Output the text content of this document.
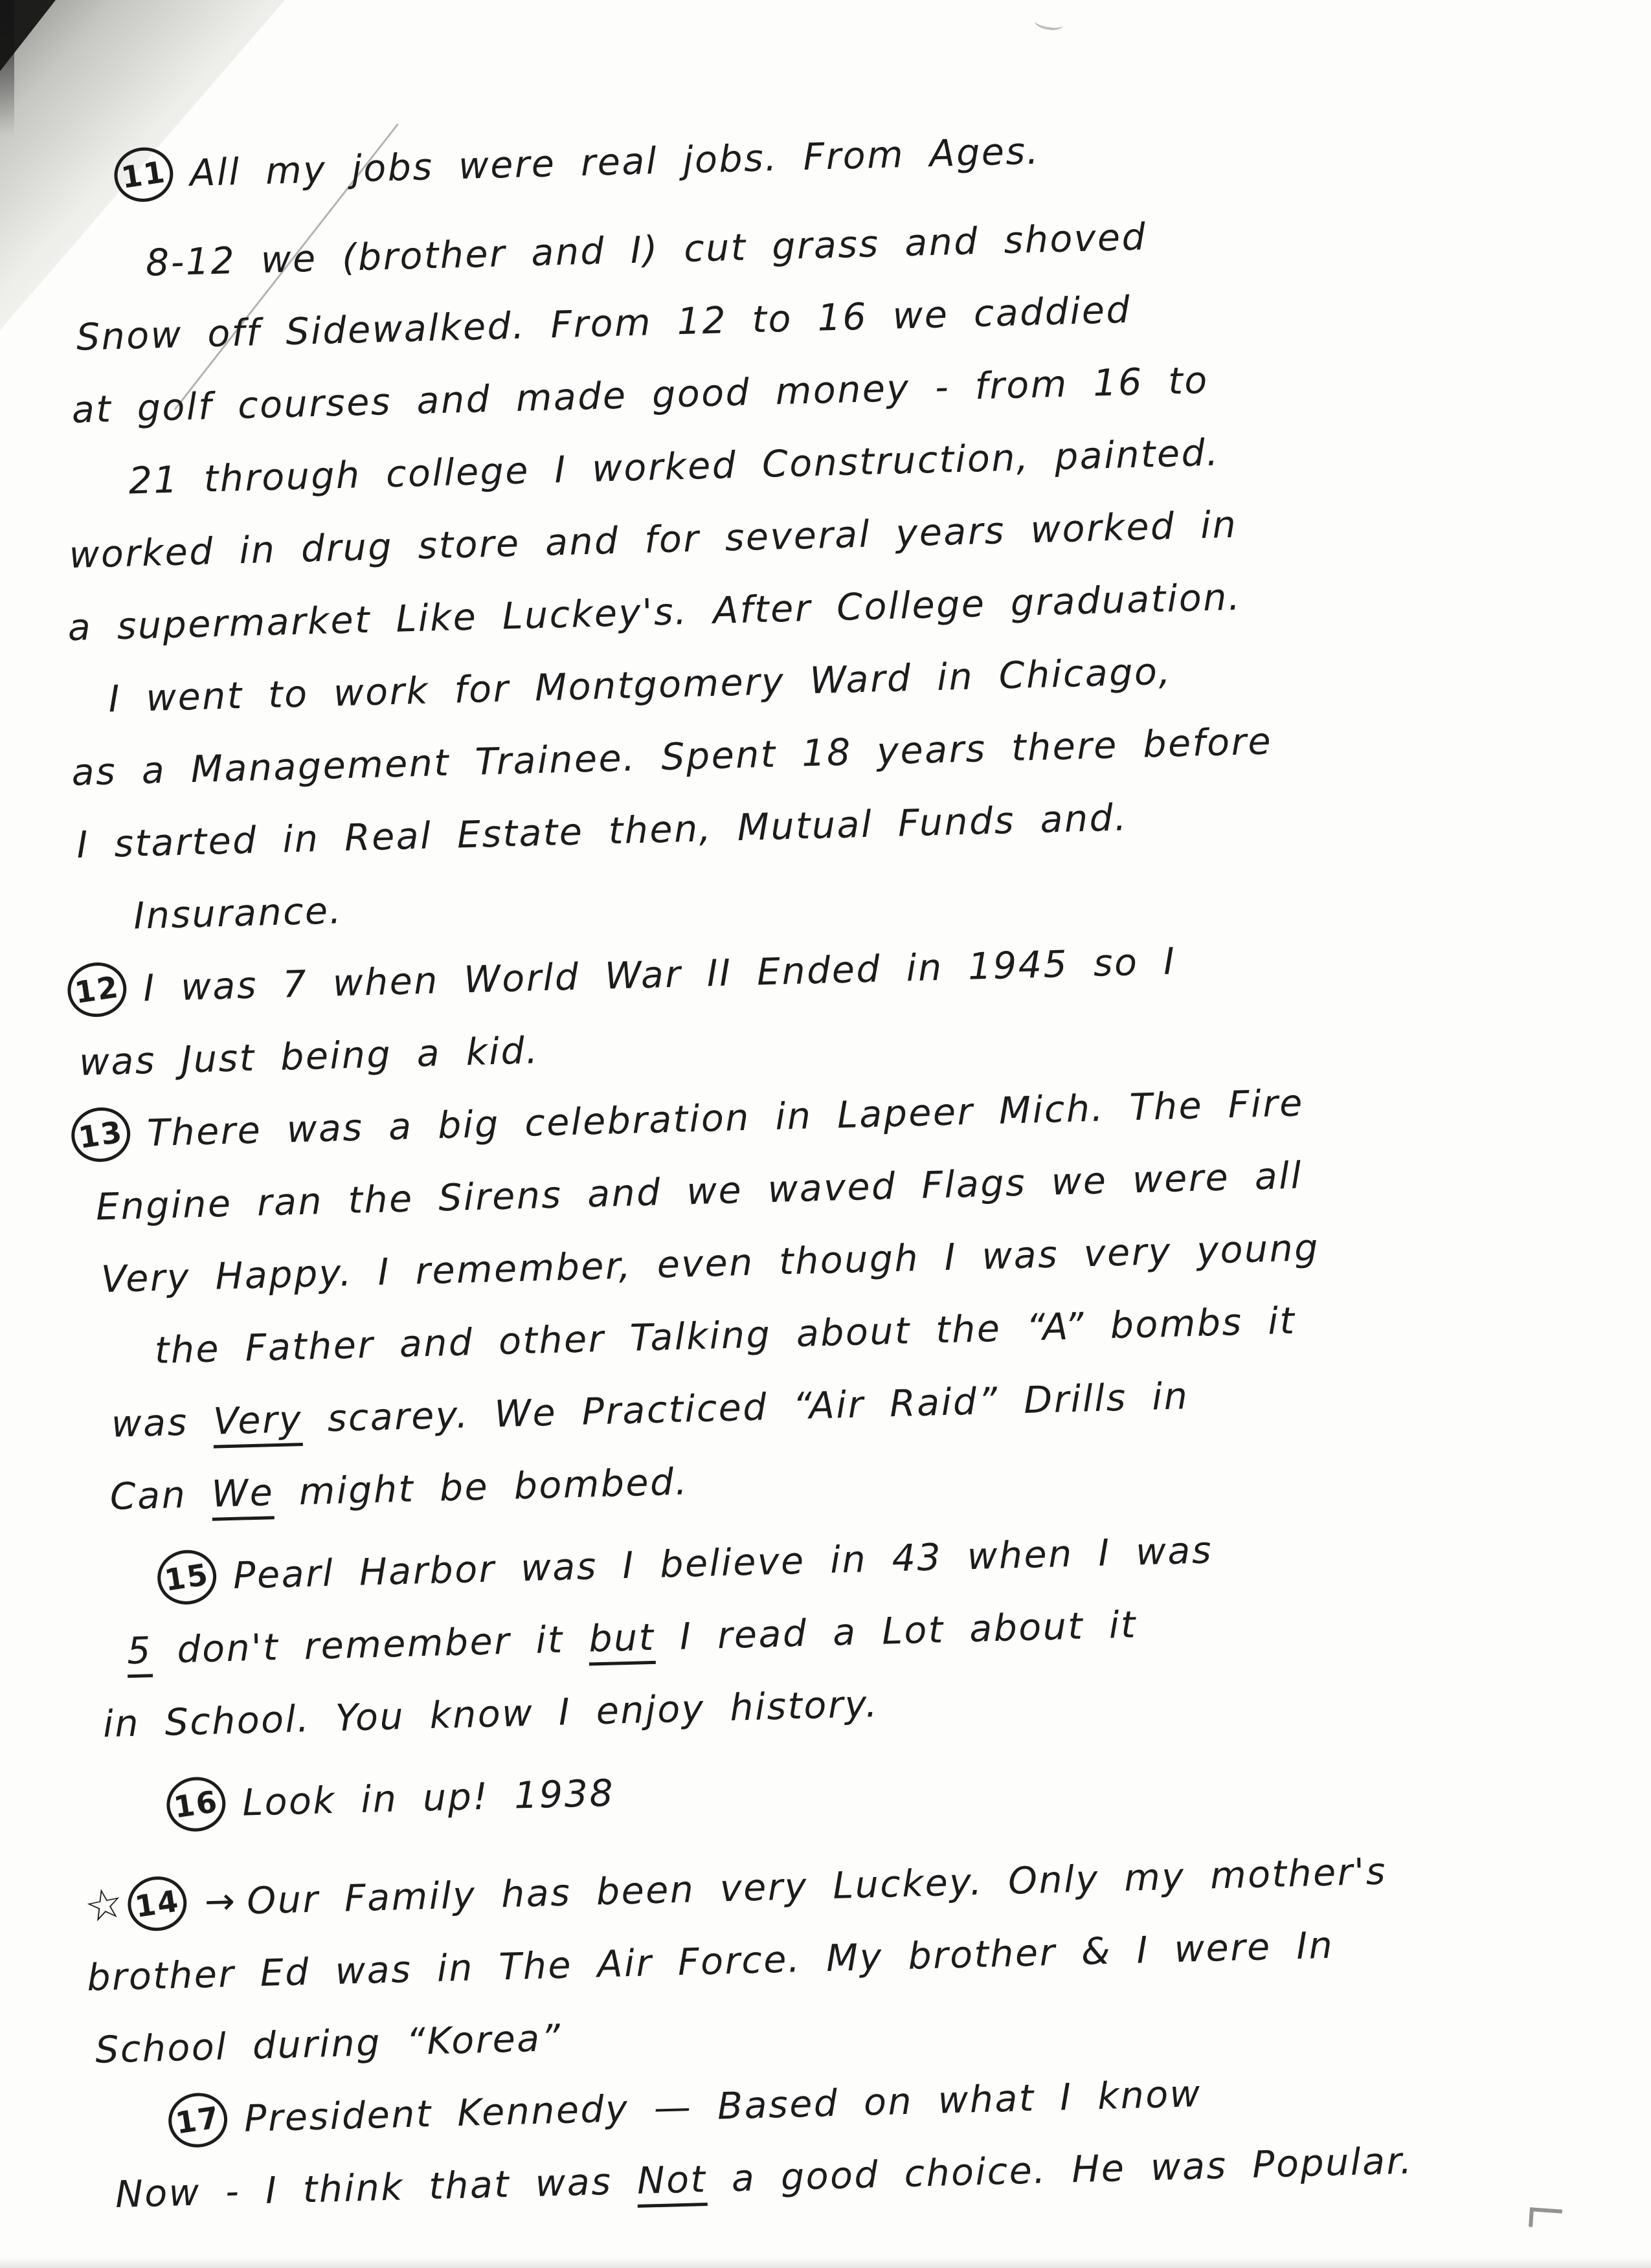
11 All my jobs were real jobs. From Ages.
8-12 we (brother and I) cut grass and shoved
Snow off Sidewalked. From 12 to 16 we caddied
at golf courses and made good money - from 16 to
21 through college I worked Construction, painted.
worked in drug store and for several years worked in
a supermarket Like Luckey's. After College graduation.
I went to work for Montgomery Ward in Chicago,
as a Management Trainee. Spent 18 years there before
I started in Real Estate then, Mutual Funds and.
Insurance.
12 I was 7 when World War II Ended in 1945 so I
was Just being a kid.
13 There was a big celebration in Lapeer Mich. The Fire
Engine ran the Sirens and we waved Flags we were all
Very Happy. I remember, even though I was very young
the Father and other Talking about the “A” bombs it
was Very scarey. We Practiced “Air Raid” Drills in
Can We might be bombed.
15 Pearl Harbor was I believe in 43 when I was
5 don't remember it but I read a Lot about it
in School. You know I enjoy history.
16 Look in up! 1938
☆ 14 → Our Family has been very Luckey. Only my mother's
brother Ed was in The Air Force. My brother & I were In
School during “Korea”
17 President Kennedy — Based on what I know
Now - I think that was Not a good choice. He was Popular.
